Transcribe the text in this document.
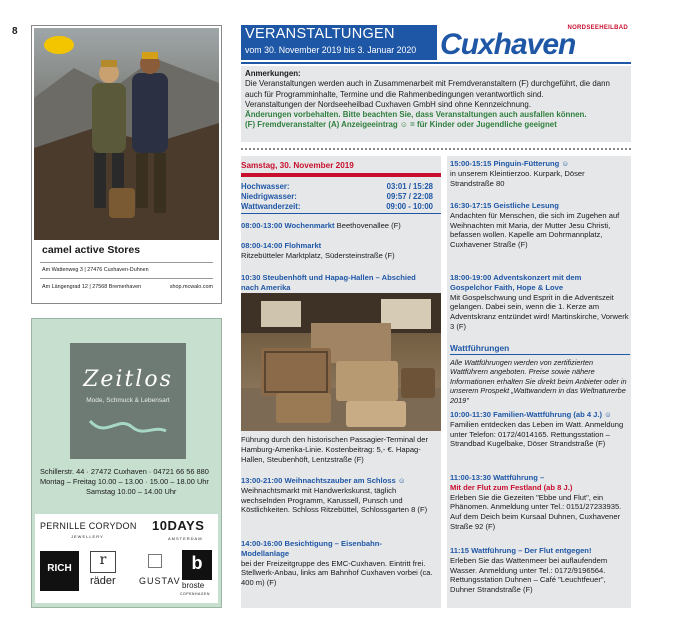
8
camel active Stores
Am Wattenweg 3 | 27476 Cuxhaven-Duhnen
Am Längengrad 12 | 27568 Bremerhaven	shop.mcwalo.com
Zeitlos
Mode, Schmuck & Lebensart
Schillerstr. 44 · 27472 Cuxhaven · 04721 66 56 880
Montag – Freitag 10.00 – 13.00 · 15.00 – 18.00 Uhr
Samstag 10.00 – 14.00 Uhr
PERNILLE CORYDON
JEWELLERY
10DAYS
AMSTERDAM
RICH
r
räder	GUSTAV
b
broste
COPENHAGEN
VERANSTALTUNGEN
vom 30. November 2019 bis 3. Januar 2020
NORDSEEHEILBAD
Cuxhaven
Anmerkungen:
Die Veranstaltungen werden auch in Zusammenarbeit mit Fremdveranstaltern (F) durchgeführt, die dann auch für Programminhalte, Termine und die Rahmenbedingungen verantwortlich sind.
Veranstaltungen der Nordseeheilbad Cuxhaven GmbH sind ohne Kennzeichnung.
Änderungen vorbehalten. Bitte beachten Sie, dass Veranstaltungen auch ausfallen können.
(F) Fremdveranstalter (A) Anzeigeeintrag ☺ = für Kinder oder Jugendliche geeignet
Samstag, 30. November 2019
Hochwasser:	03:01 / 15:28
Niedrigwasser:	09:57 / 22:08
Wattwanderzeit:	09:00 - 10:00
08:00-13:00 Wochenmarkt Beethovenallee (F)
08:00-14:00 Flohmarkt
Ritzebütteler Marktplatz, Südersteinstraße (F)
10:30 Steubenhöft und Hapag-Hallen – Abschied nach Amerika
Führung durch den historischen Passagier-Terminal der Hamburg-Amerika-Linie. Kostenbeitrag: 5,- €. Hapag-Hallen, Steubenhöft, Lentzstraße (F)
13:00-21:00 Weihnachtszauber am Schloss ☺
Weihnachtsmarkt mit Handwerkskunst, täglich wechselnden Programm, Karussell, Punsch und Köstlichkeiten. Schloss Ritzebüttel, Schlossgarten 8 (F)
14:00-16:00 Besichtigung – Eisenbahn-Modellanlage
bei der Freizeitgruppe des EMC-Cuxhaven. Eintritt frei. Stellwerk-Anbau, links am Bahnhof Cuxhaven vorbei (ca. 400 m) (F)
15:00-15:15 Pinguin-Fütterung ☺
in unserem Kleintierzoo. Kurpark, Döser Strandstraße 80
16:30-17:15 Geistliche Lesung
Andachten für Menschen, die sich im Zugehen auf Weihnachten mit Maria, der Mutter Jesu Christi, befassen wollen. Kapelle am Dohrmannplatz, Cuxhavener Straße (F)
18:00-19:00 Adventskonzert mit dem Gospelchor Faith, Hope & Love
Mit Gospelschwung und Esprit in die Adventszeit gelangen. Dabei sein, wenn die 1. Kerze am Adventskranz entzündet wird! Martinskirche, Vorwerk 3 (F)
Wattführungen
Alle Wattführungen werden von zertifizierten Wattführern angeboten. Preise sowie nähere Informationen erhalten Sie direkt beim Anbieter oder in unserem Prospekt „Wattwandern in das Weltnaturerbe 2019"
10:00-11:30 Familien-Wattführung (ab 4 J.) ☺
Familien entdecken das Leben im Watt. Anmeldung unter Telefon: 0172/4014165. Rettungsstation – Strandbad Kugelbake, Döser Strandstraße (F)
11:00-13:30 Wattführung –
Mit der Flut zum Festland (ab 8 J.)
Erleben Sie die Gezeiten "Ebbe und Flut", ein Phänomen. Anmeldung unter Tel.: 0151/27233935. Auf dem Deich beim Kursaal Duhnen, Cuxhavener Straße 92 (F)
11:15 Wattführung – Der Flut entgegen!
Erleben Sie das Wattenmeer bei auflaufendem Wasser. Anmeldung unter Tel.: 0172/9196564. Rettungsstation Duhnen – Café "Leuchtfeuer", Duhner Strandstraße (F)
